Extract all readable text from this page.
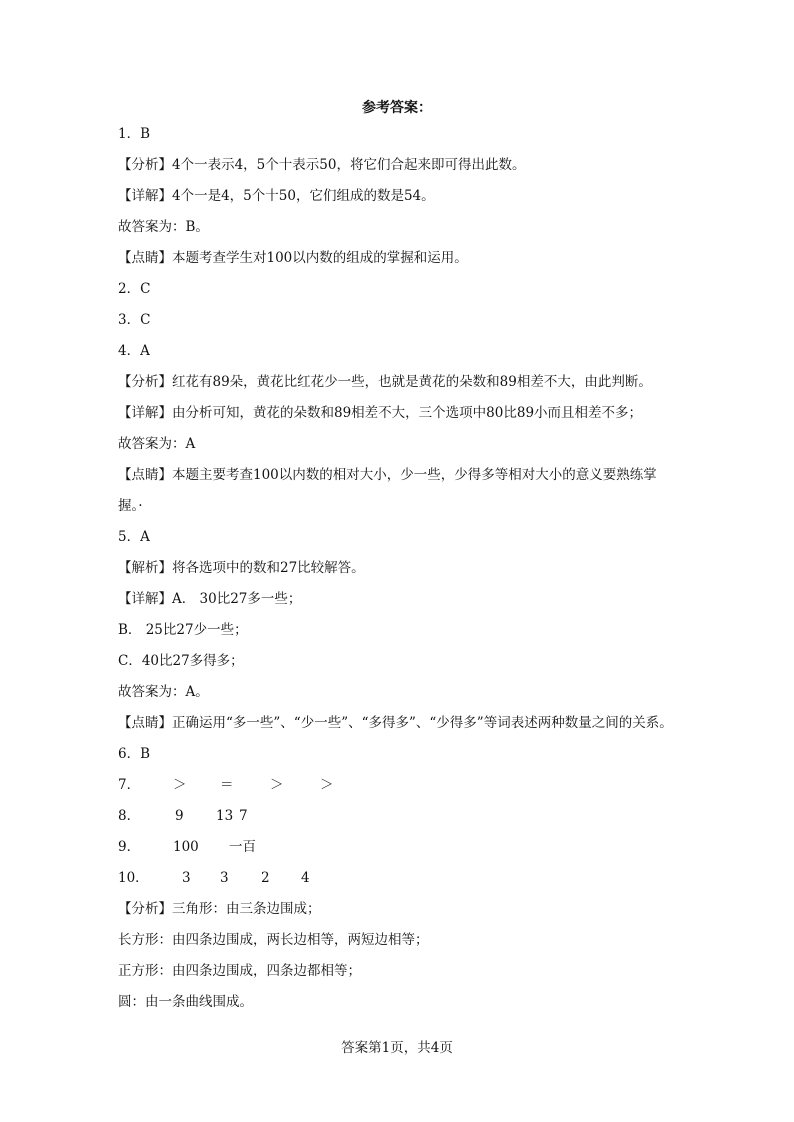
参考答案：
1．B
【分析】4个一表示4，5个十表示50，将它们合起来即可得出此数。
【详解】4个一是4，5个十50，它们组成的数是54。
故答案为：B。
【点睛】本题考查学生对100以内数的组成的掌握和运用。
2．C
3．C
4．A
【分析】红花有89朵，黄花比红花少一些，也就是黄花的朵数和89相差不大，由此判断。
【详解】由分析可知，黄花的朵数和89相差不大，三个选项中80比89小而且相差不多；
故答案为：A
【点睛】本题主要考查100以内数的相对大小，少一些，少得多等相对大小的意义要熟练掌
握。·
5．A
【解析】将各选项中的数和27比较解答。
【详解】A． 30比27多一些；
B． 25比27少一些；
C．40比27多得多；
故答案为：A。
【点睛】正确运用“多一些”、“少一些”、“多得多”、“少得多”等词表述两种数量之间的关系。
6．B
7． ＞ ＝	＞	＞
8．	9 13 7
9． 100 一百
10． 3 3 2 4
【分析】三角形：由三条边围成；
长方形：由四条边围成，两长边相等，两短边相等；
正方形：由四条边围成，四条边都相等；
圆：由一条曲线围成。
答案第1页，共4页
